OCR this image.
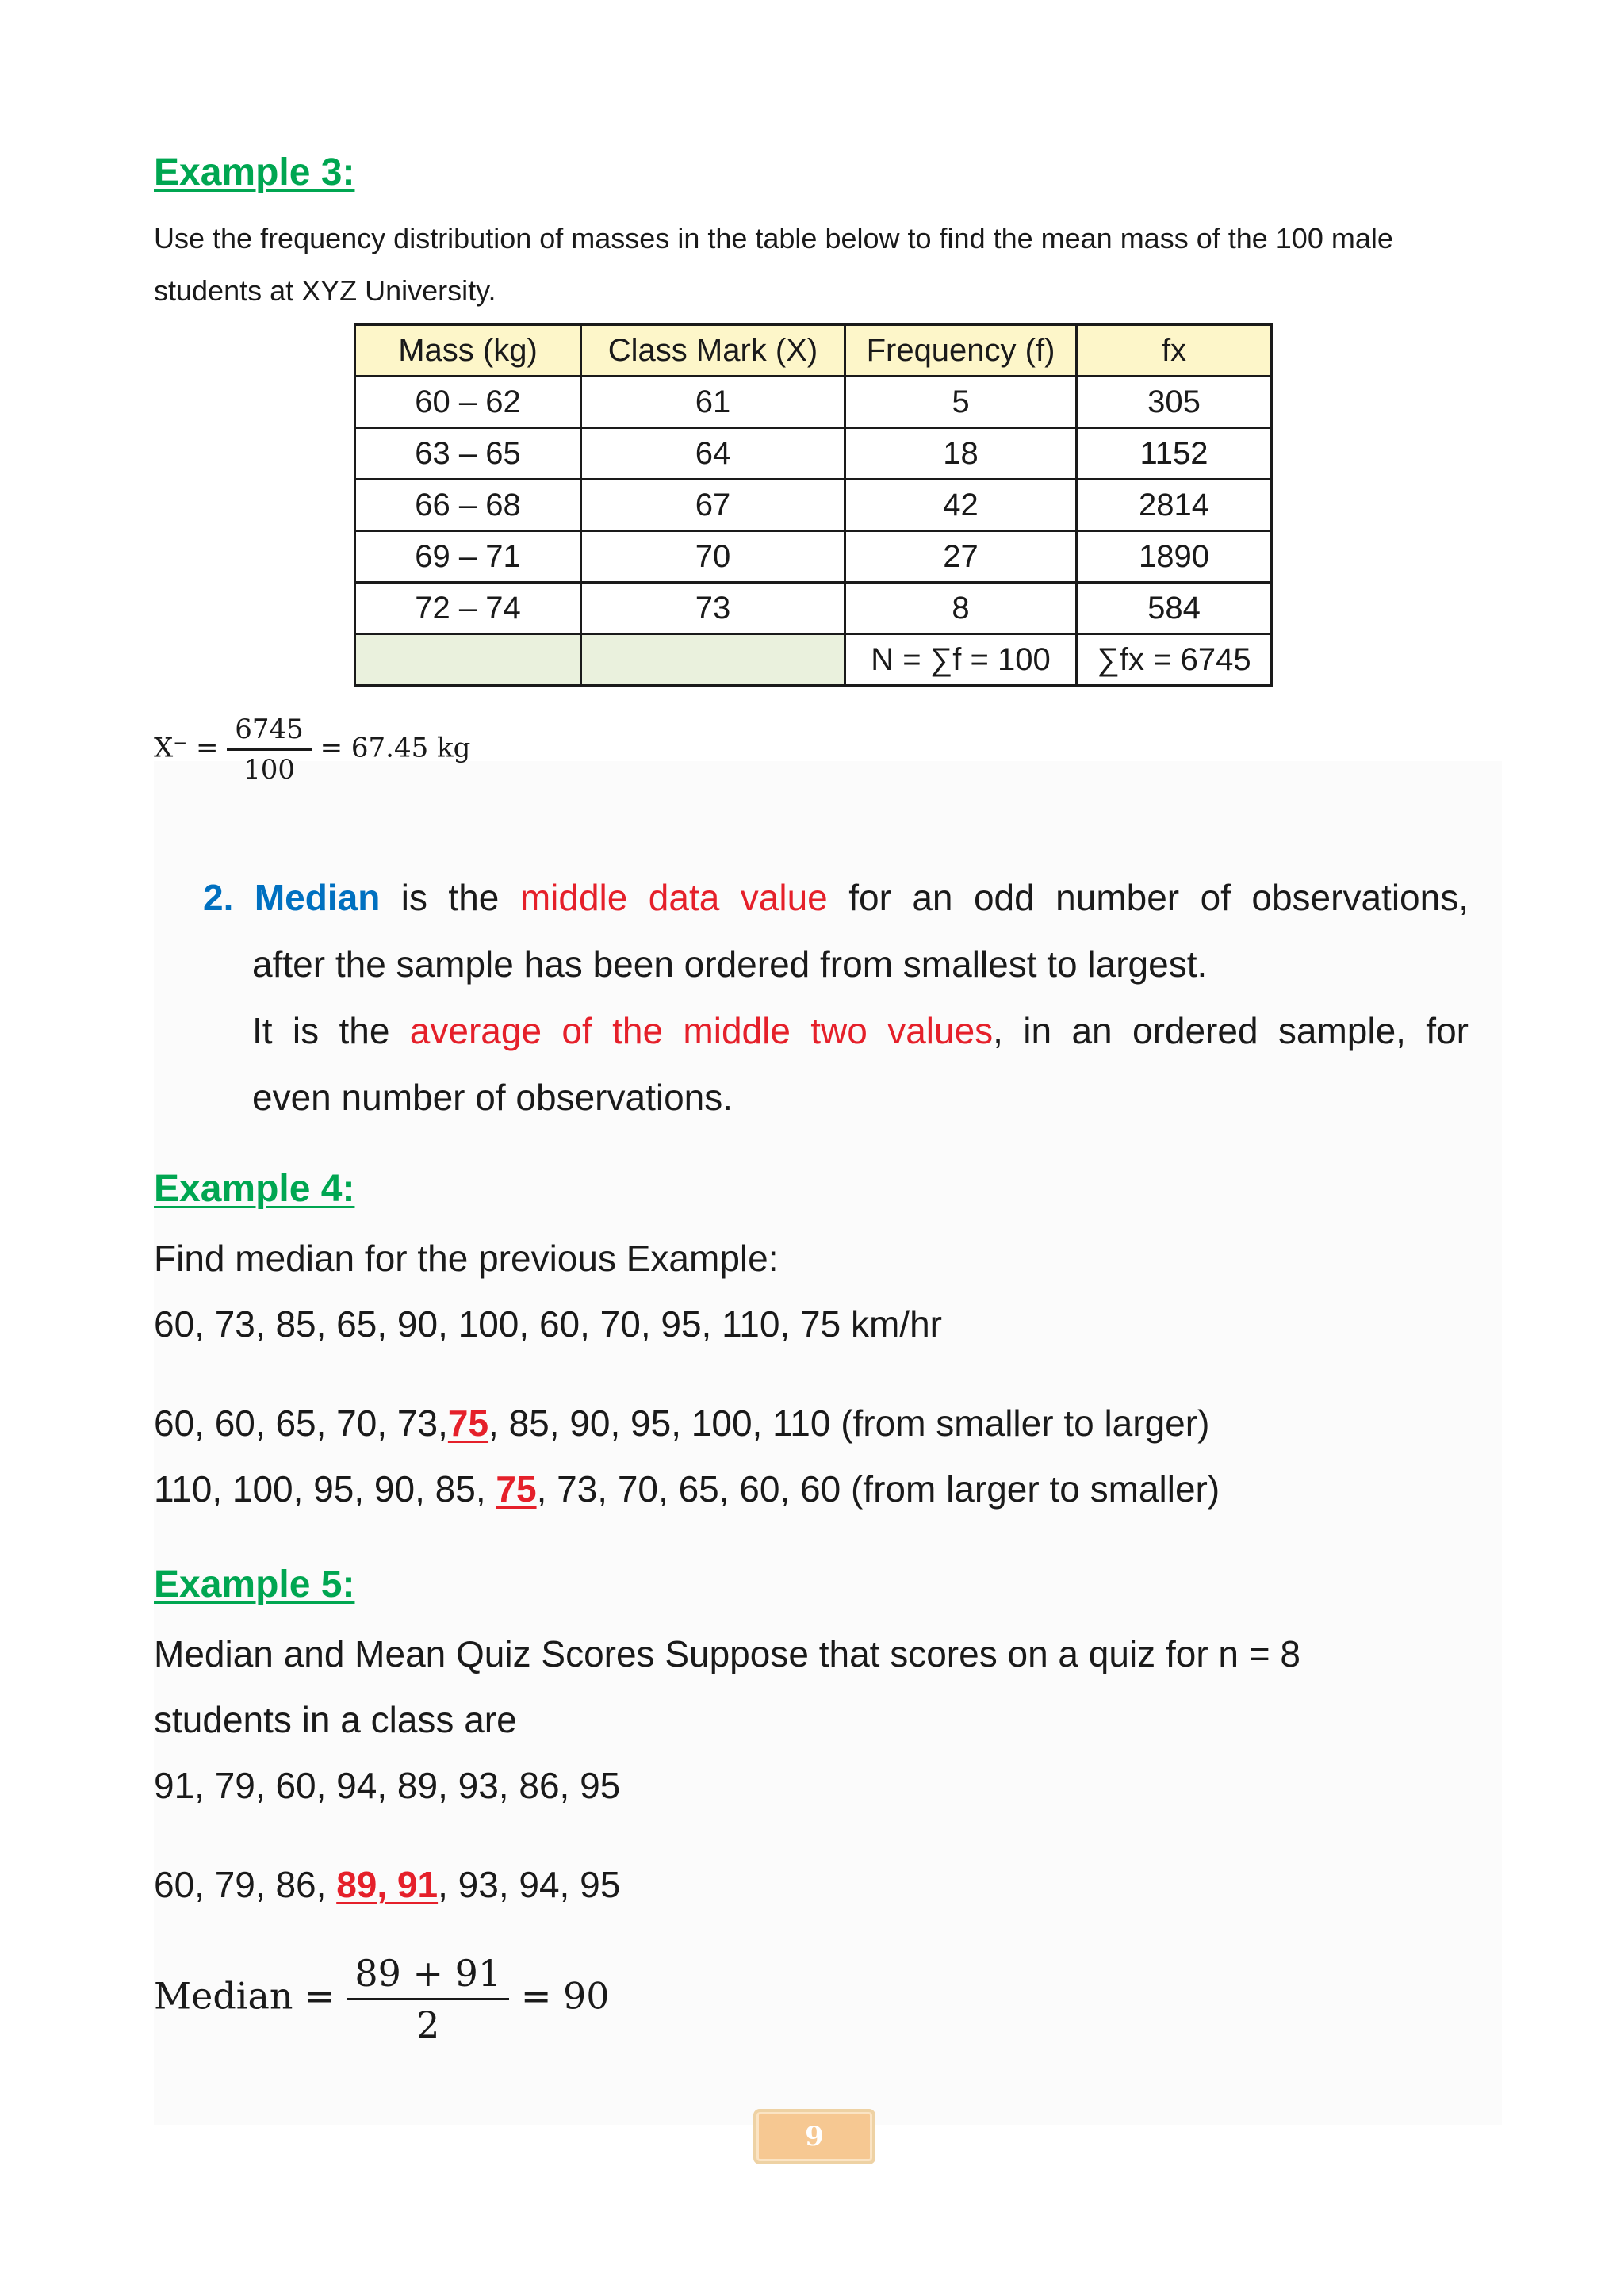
Example 3:
Use the frequency distribution of masses in the table below to find the mean mass of the 100 male students at XYZ University.
Mass (kg)	Class Mark (X)	Frequency (f)	fx
60 – 62	61	5	305
63 – 65	64	18	1152
66 – 68	67	42	2814
69 – 71	70	27	1890
72 – 74	73	8	584
		N = ∑f = 100	∑fx = 6745
$X^- = \frac{6745}{100} = 67.45$ kg

2. Median is the middle data value for an odd number of observations,

after the sample has been ordered from smallest to largest.

It is the average of the middle two values, in an ordered sample, for

even number of observations.

Example 4:
Find median for the previous Example:
60, 73, 85, 65, 90, 100, 60, 70, 95, 110, 75 km/hr
60, 60, 65, 70, 73,75, 85, 90, 95, 100, 110 (from smaller to larger)
110, 100, 95, 90, 85, 75, 73, 70, 65, 60, 60 (from larger to smaller)
Example 5:
Median and Mean Quiz Scores Suppose that scores on a quiz for n = 8
students in a class are
91, 79, 60, 94, 89, 93, 86, 95
60, 79, 86, 89, 91, 93, 94, 95
Median = $\frac{89 + 91}{2} = 90$
9
